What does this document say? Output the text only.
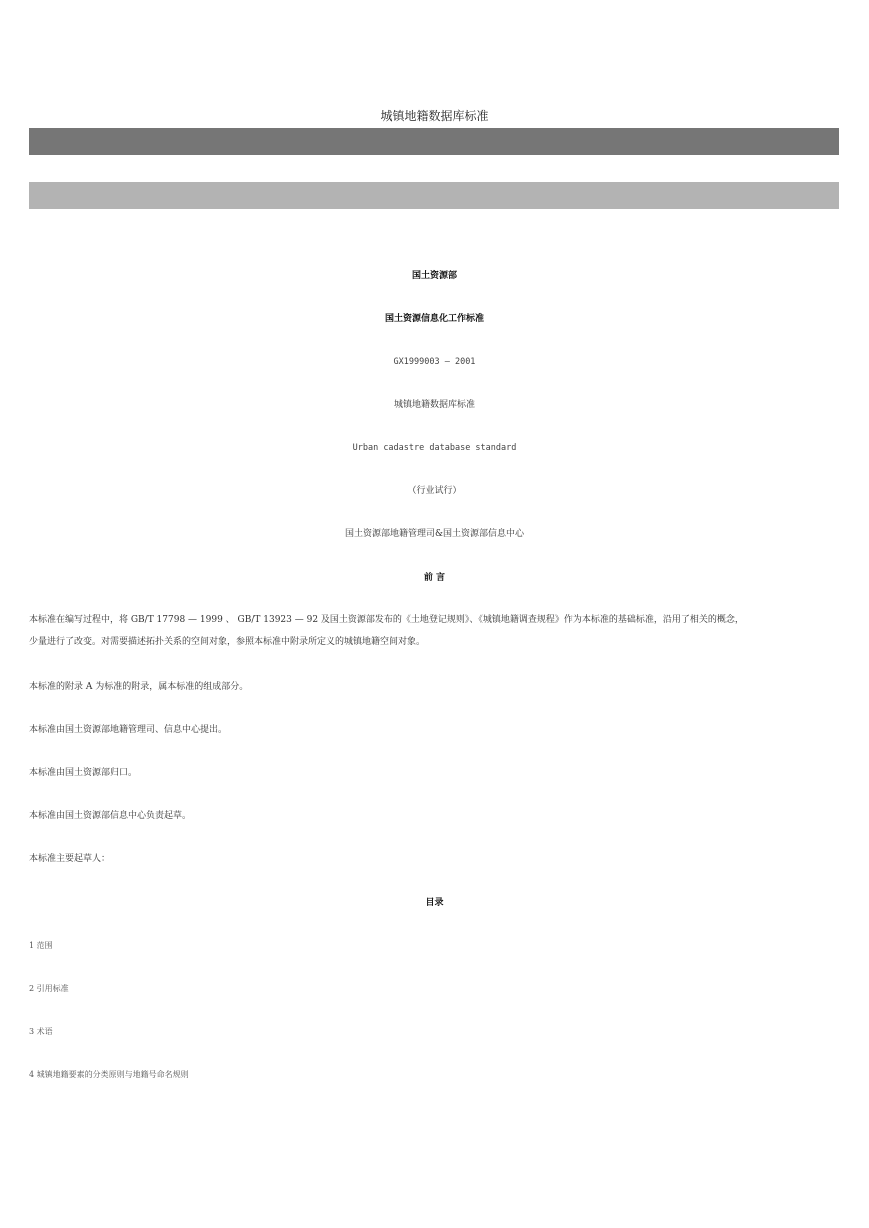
城镇地籍数据库标准
国土资源部
国土资源信息化工作标准
GX1999003 — 2001
城镇地籍数据库标准
Urban cadastre database standard
（行业试行）
国土资源部地籍管理司&国土资源部信息中心
前 言
本标准在编写过程中，将 GB/T 17798 — 1999 、 GB/T 13923 — 92 及国土资源部发布的《土地登记规则》、《城镇地籍调查规程》作为本标准的基础标准，沿用了相关的概念，
少量进行了改变。对需要描述拓扑关系的空间对象，参照本标准中附录所定义的城镇地籍空间对象。
本标准的附录 A 为标准的附录，属本标准的组成部分。
本标准由国土资源部地籍管理司、信息中心提出。
本标准由国土资源部归口。
本标准由国土资源部信息中心负责起草。
本标准主要起草人：
目录
1 范围
2 引用标准
3 术语
4 城镇地籍要素的分类原则与地籍号命名规则
